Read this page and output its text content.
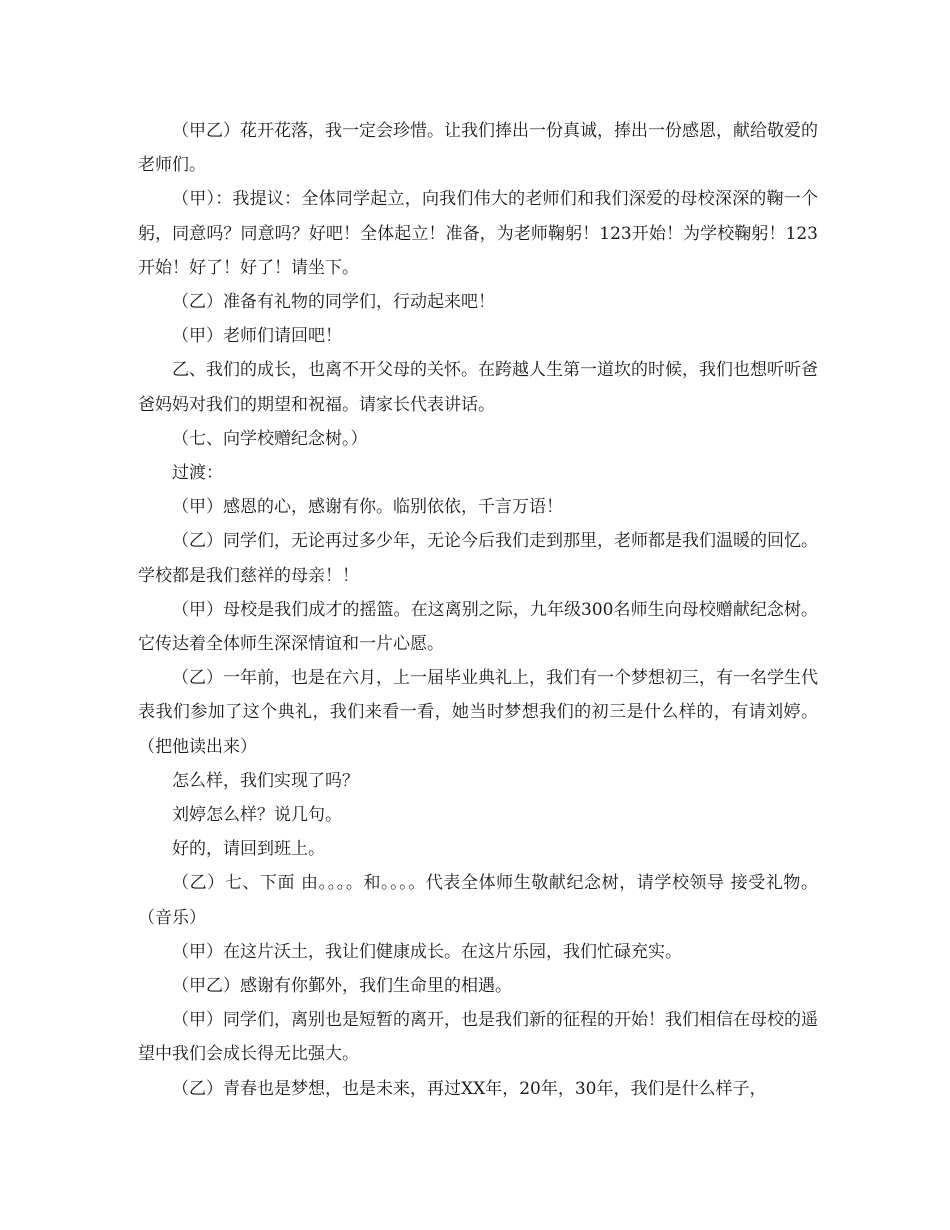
（甲乙）花开花落，我一定会珍惜。让我们捧出一份真诚，捧出一份感恩，献给敬爱的老师们。

（甲）：我提议：全体同学起立，向我们伟大的老师们和我们深爱的母校深深的鞠一个躬，同意吗？同意吗？好吧！全体起立！准备，为老师鞠躬！123开始！为学校鞠躬！123开始！好了！好了！请坐下。

（乙）准备有礼物的同学们，行动起来吧！

（甲）老师们请回吧！

乙、我们的成长，也离不开父母的关怀。在跨越人生第一道坎的时候，我们也想听听爸爸妈妈对我们的期望和祝福。请家长代表讲话。

（七、向学校赠纪念树。）

过渡：

（甲）感恩的心，感谢有你。临别依依，千言万语！

（乙）同学们，无论再过多少年，无论今后我们走到那里，老师都是我们温暖的回忆。学校都是我们慈祥的母亲！！

（甲）母校是我们成才的摇篮。在这离别之际，九年级300名师生向母校赠献纪念树。它传达着全体师生深深情谊和一片心愿。

（乙）一年前，也是在六月，上一届毕业典礼上，我们有一个梦想初三，有一名学生代表我们参加了这个典礼，我们来看一看，她当时梦想我们的初三是什么样的，有请刘婷。（把他读出来）

怎么样，我们实现了吗？

刘婷怎么样？说几句。

好的，请回到班上。

（乙）七、下面 由。。。。和。。。。代表全体师生敬献纪念树，请学校领导 接受礼物。（音乐）

（甲）在这片沃土，我让们健康成长。在这片乐园，我们忙碌充实。

（甲乙）感谢有你鄞外，我们生命里的相遇。

（甲）同学们，离别也是短暂的离开，也是我们新的征程的开始！我们相信在母校的遥望中我们会成长得无比强大。

（乙）青春也是梦想，也是未来，再过XX年，20年，30年，我们是什么样子，
